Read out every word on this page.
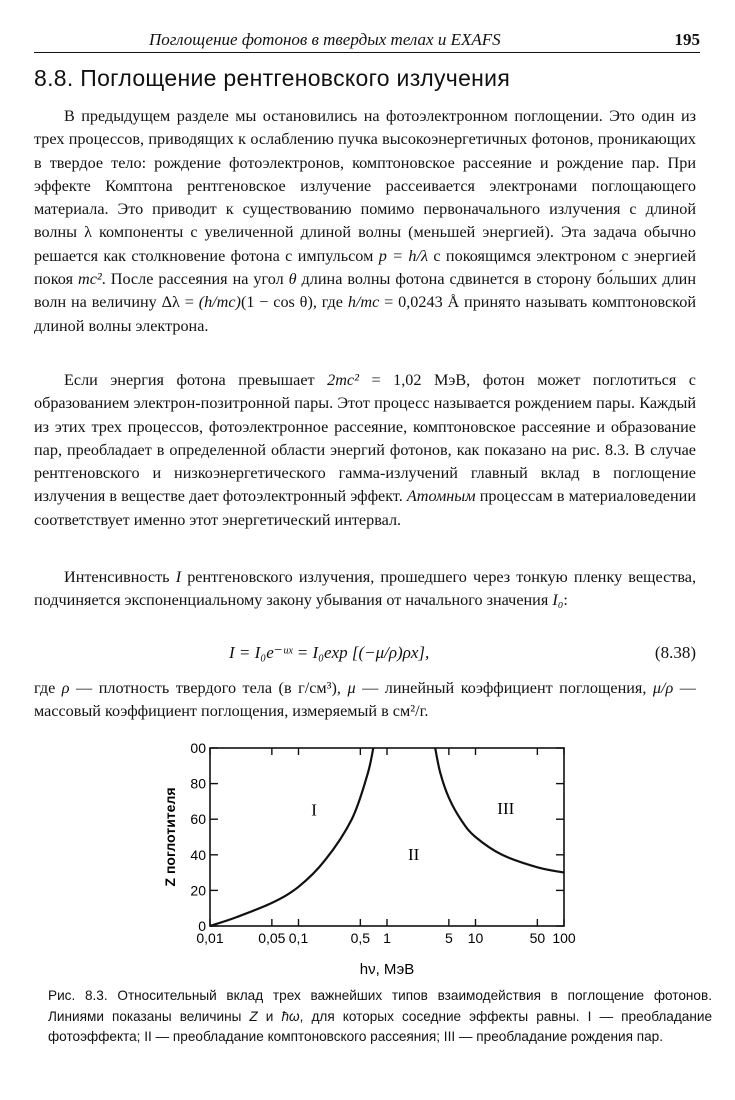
Поглощение фотонов в твердых телах и EXAFS	195
8.8. Поглощение рентгеновского излучения

В предыдущем разделе мы остановились на фотоэлектронном поглощении. Это один из трех процессов, приводящих к ослаблению пучка высокоэнергетичных фотонов, проникающих в твердое тело: рождение фотоэлектронов, комптоновское рассеяние и рождение пар. При эффекте Комптона рентгеновское излучение рассеивается электронами поглощающего материала. Это приводит к существованию помимо первоначального излучения с длиной волны λ компоненты с увеличенной длиной волны (меньшей энергией). Эта задача обычно решается как столкновение фотона с импульсом p = h/λ с покоящимся электроном с энергией покоя mc². После рассеяния на угол θ длина волны фотона сдвинется в сторону бо́льших длин волн на величину Δλ = (h/mc)(1 − cos θ), где h/mc = 0,0243 Å принято называть комптоновской длиной волны электрона.

Если энергия фотона превышает 2mc² = 1,02 МэВ, фотон может поглотиться с образованием электрон-позитронной пары. Этот процесс называется рождением пары. Каждый из этих трех процессов, фотоэлектронное рассеяние, комптоновское рассеяние и образование пар, преобладает в определенной области энергий фотонов, как показано на рис. 8.3. В случае рентгеновского и низкоэнергетического гамма-излучений главный вклад в поглощение излучения в веществе дает фотоэлектронный эффект. Атомным процессам в материаловедении соответствует именно этот энергетический интервал.

Интенсивность I рентгеновского излучения, прошедшего через тонкую пленку вещества, подчиняется экспоненциальному закону убывания от начального значения I₀:

I = I₀e⁻ᵘˣ = I₀exp [(−μ/ρ)ρx],	(8.38)

где ρ — плотность твердого тела (в г/см³), μ — линейный коэффициент поглощения, μ/ρ — массовый коэффициент поглощения, измеряемый в см²/г.

0,01 0,05 0,1	0,5 1	5 10	50 100
0
20
40
60
80
00
I
II
III
Z поглотителя
hν, МэВ

Рис. 8.3. Относительный вклад трех важнейших типов взаимодействия в поглощение фотонов. Линиями показаны величины Z и ħω, для которых соседние эффекты равны. I — преобладание фотоэффекта; II — преобладание комптоновского рассеяния; III — преобладание рождения пар.
